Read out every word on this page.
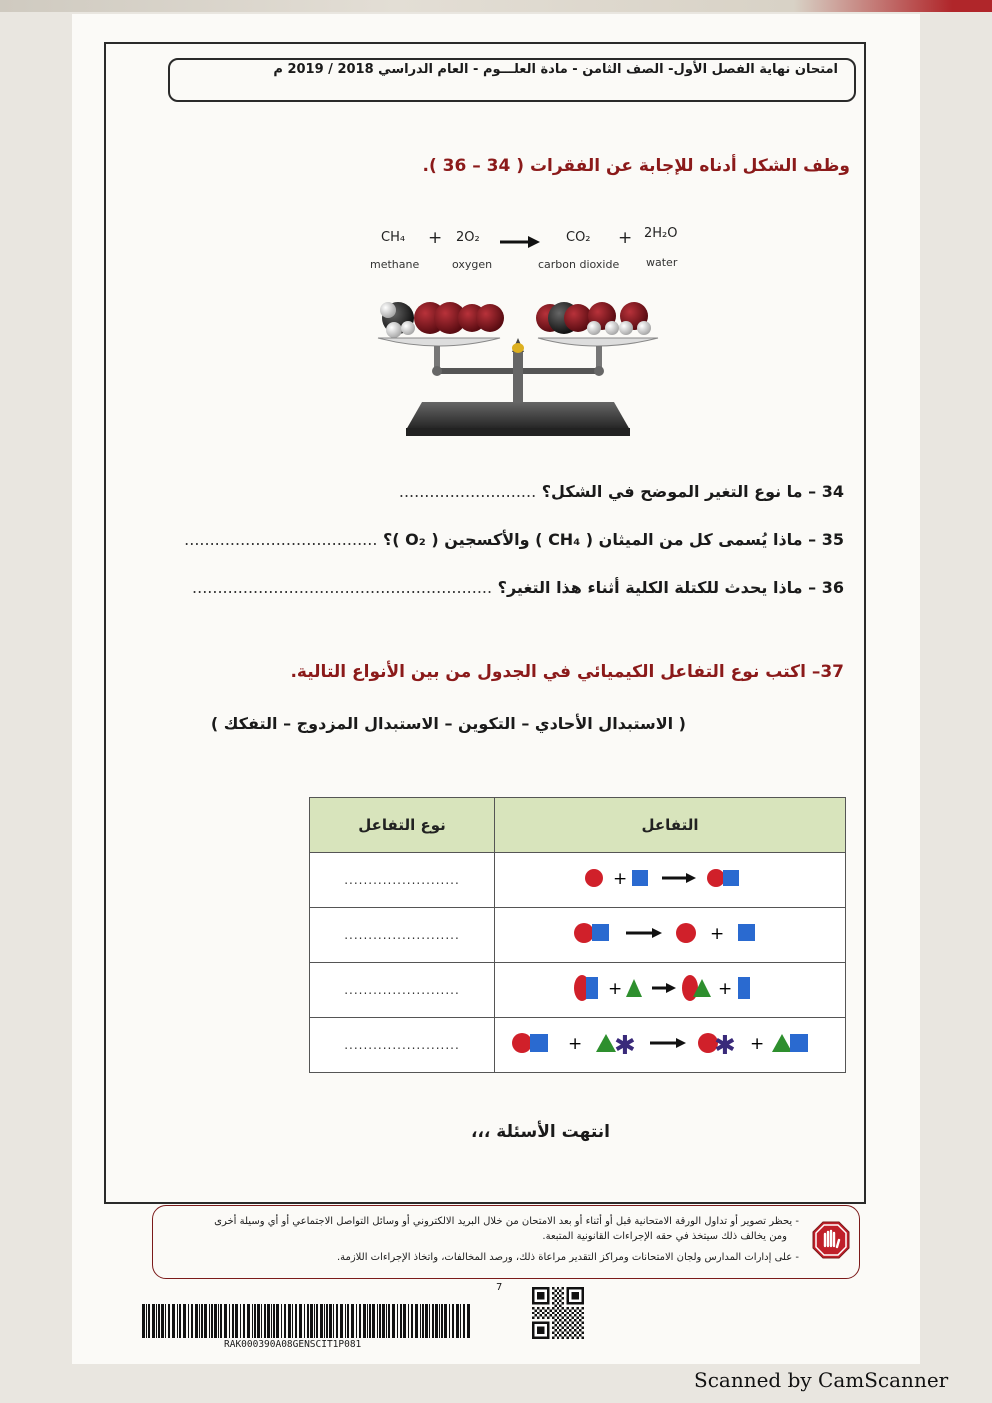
امتحان نهاية الفصل الأول- الصف الثامن - مادة العلـــوم - العام الدراسي 2018 / 2019 م
وظف الشكل أدناه للإجابة عن الفقرات ( 34 – 36 ).
CH₄
methane
+ 2O₂
oxygen
CO₂
carbon dioxide
+ 2H₂O
water
34 – ما نوع التغير الموضح في الشكل؟ ...........................
35 – ماذا يُسمى كل من الميثان ( CH₄ ) والأكسجين ( O₂ )؟ ......................................
36 – ماذا يحدث للكتلة الكلية أثناء هذا التغير؟ ...........................................................
37– اكتب نوع التفاعل الكيميائي في الجدول من بين الأنواع التالية.
( الاستبدال الأحادي – التكوين – الاستبدال المزدوج – التفكك )
نوع التفاعل	التفاعل
........................	+

........................	+

........................	+ +

........................	+ ✱ ✱ +
انتهت الأسئلة ،،،
- يحظر تصوير أو تداول الورقة الامتحانية قبل أو أثناء أو بعد الامتحان من خلال البريد الالكتروني أو وسائل التواصل الاجتماعي أو أي وسيلة أخرى
ومن يخالف ذلك سيتخذ في حقه الإجراءات القانونية المتبعة.
- على إدارات المدارس ولجان الامتحانات ومراكز التقدير مراعاة ذلك، ورصد المخالفات، واتخاذ الإجراءات اللازمة.
7
RAK000390A08GENSCIT1P081
Scanned by CamScanner
